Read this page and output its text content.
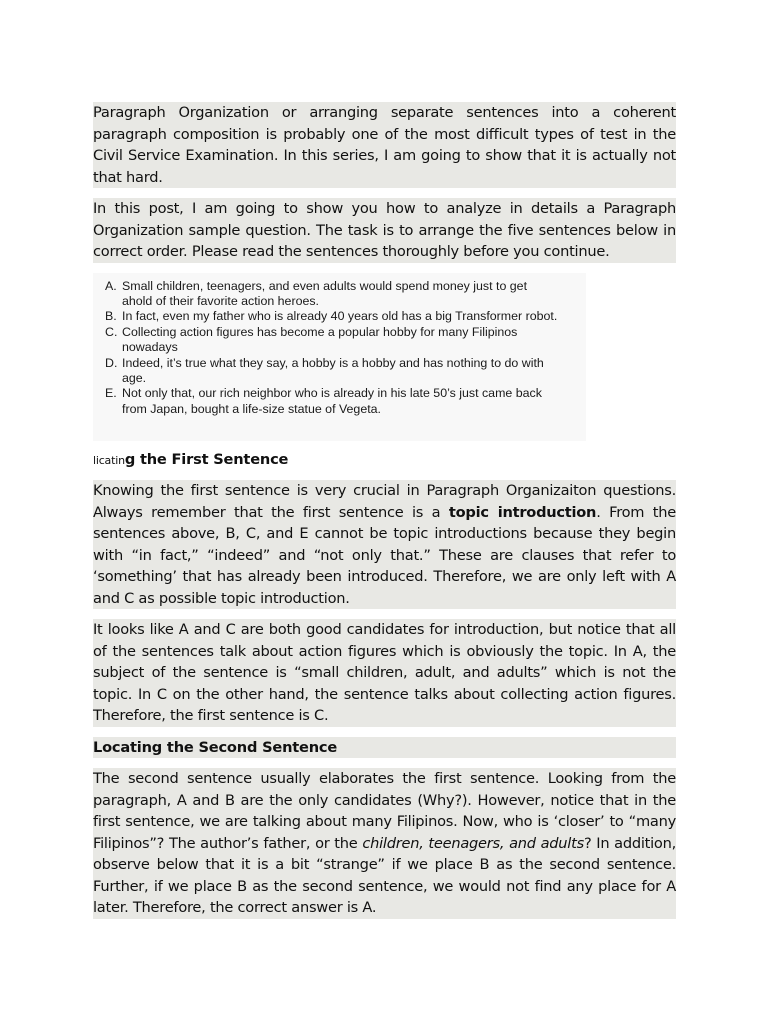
Paragraph Organization or arranging separate sentences into a coherent paragraph composition is probably one of the most difficult types of test in the Civil Service Examination. In this series, I am going to show that it is actually not that hard.

In this post, I am going to show you how to analyze in details a Paragraph Organization sample question. The task is to arrange the five sentences below in correct order. Please read the sentences thoroughly before you continue.

A. Small children, teenagers, and even adults would spend money just to get ahold of their favorite action heroes.
B. In fact, even my father who is already 40 years old has a big Transformer robot.
C. Collecting action figures has become a popular hobby for many Filipinos nowadays
D. Indeed, it’s true what they say, a hobby is a hobby and has nothing to do with age.
E. Not only that, our rich neighbor who is already in his late 50’s just came back from Japan, bought a life-size statue of Vegeta.

licating the First Sentence

Knowing the first sentence is very crucial in Paragraph Organizaiton questions. Always remember that the first sentence is a topic introduction. From the sentences above, B, C, and E cannot be topic introductions because they begin with “in fact,” “indeed” and “not only that.” These are clauses that refer to ‘something’ that has already been introduced. Therefore, we are only left with A and C as possible topic introduction.

It looks like A and C are both good candidates for introduction, but notice that all of the sentences talk about action figures which is obviously the topic. In A, the subject of the sentence is “small children, adult, and adults” which is not the topic. In C on the other hand, the sentence talks about collecting action figures. Therefore, the first sentence is C.

Locating the Second Sentence

The second sentence usually elaborates the first sentence. Looking from the paragraph, A and B are the only candidates (Why?). However, notice that in the first sentence, we are talking about many Filipinos. Now, who is ‘closer’ to “many Filipinos”? The author’s father, or the children, teenagers, and adults? In addition, observe below that it is a bit “strange” if we place B as the second sentence. Further, if we place B as the second sentence, we would not find any place for A later. Therefore, the correct answer is A.
